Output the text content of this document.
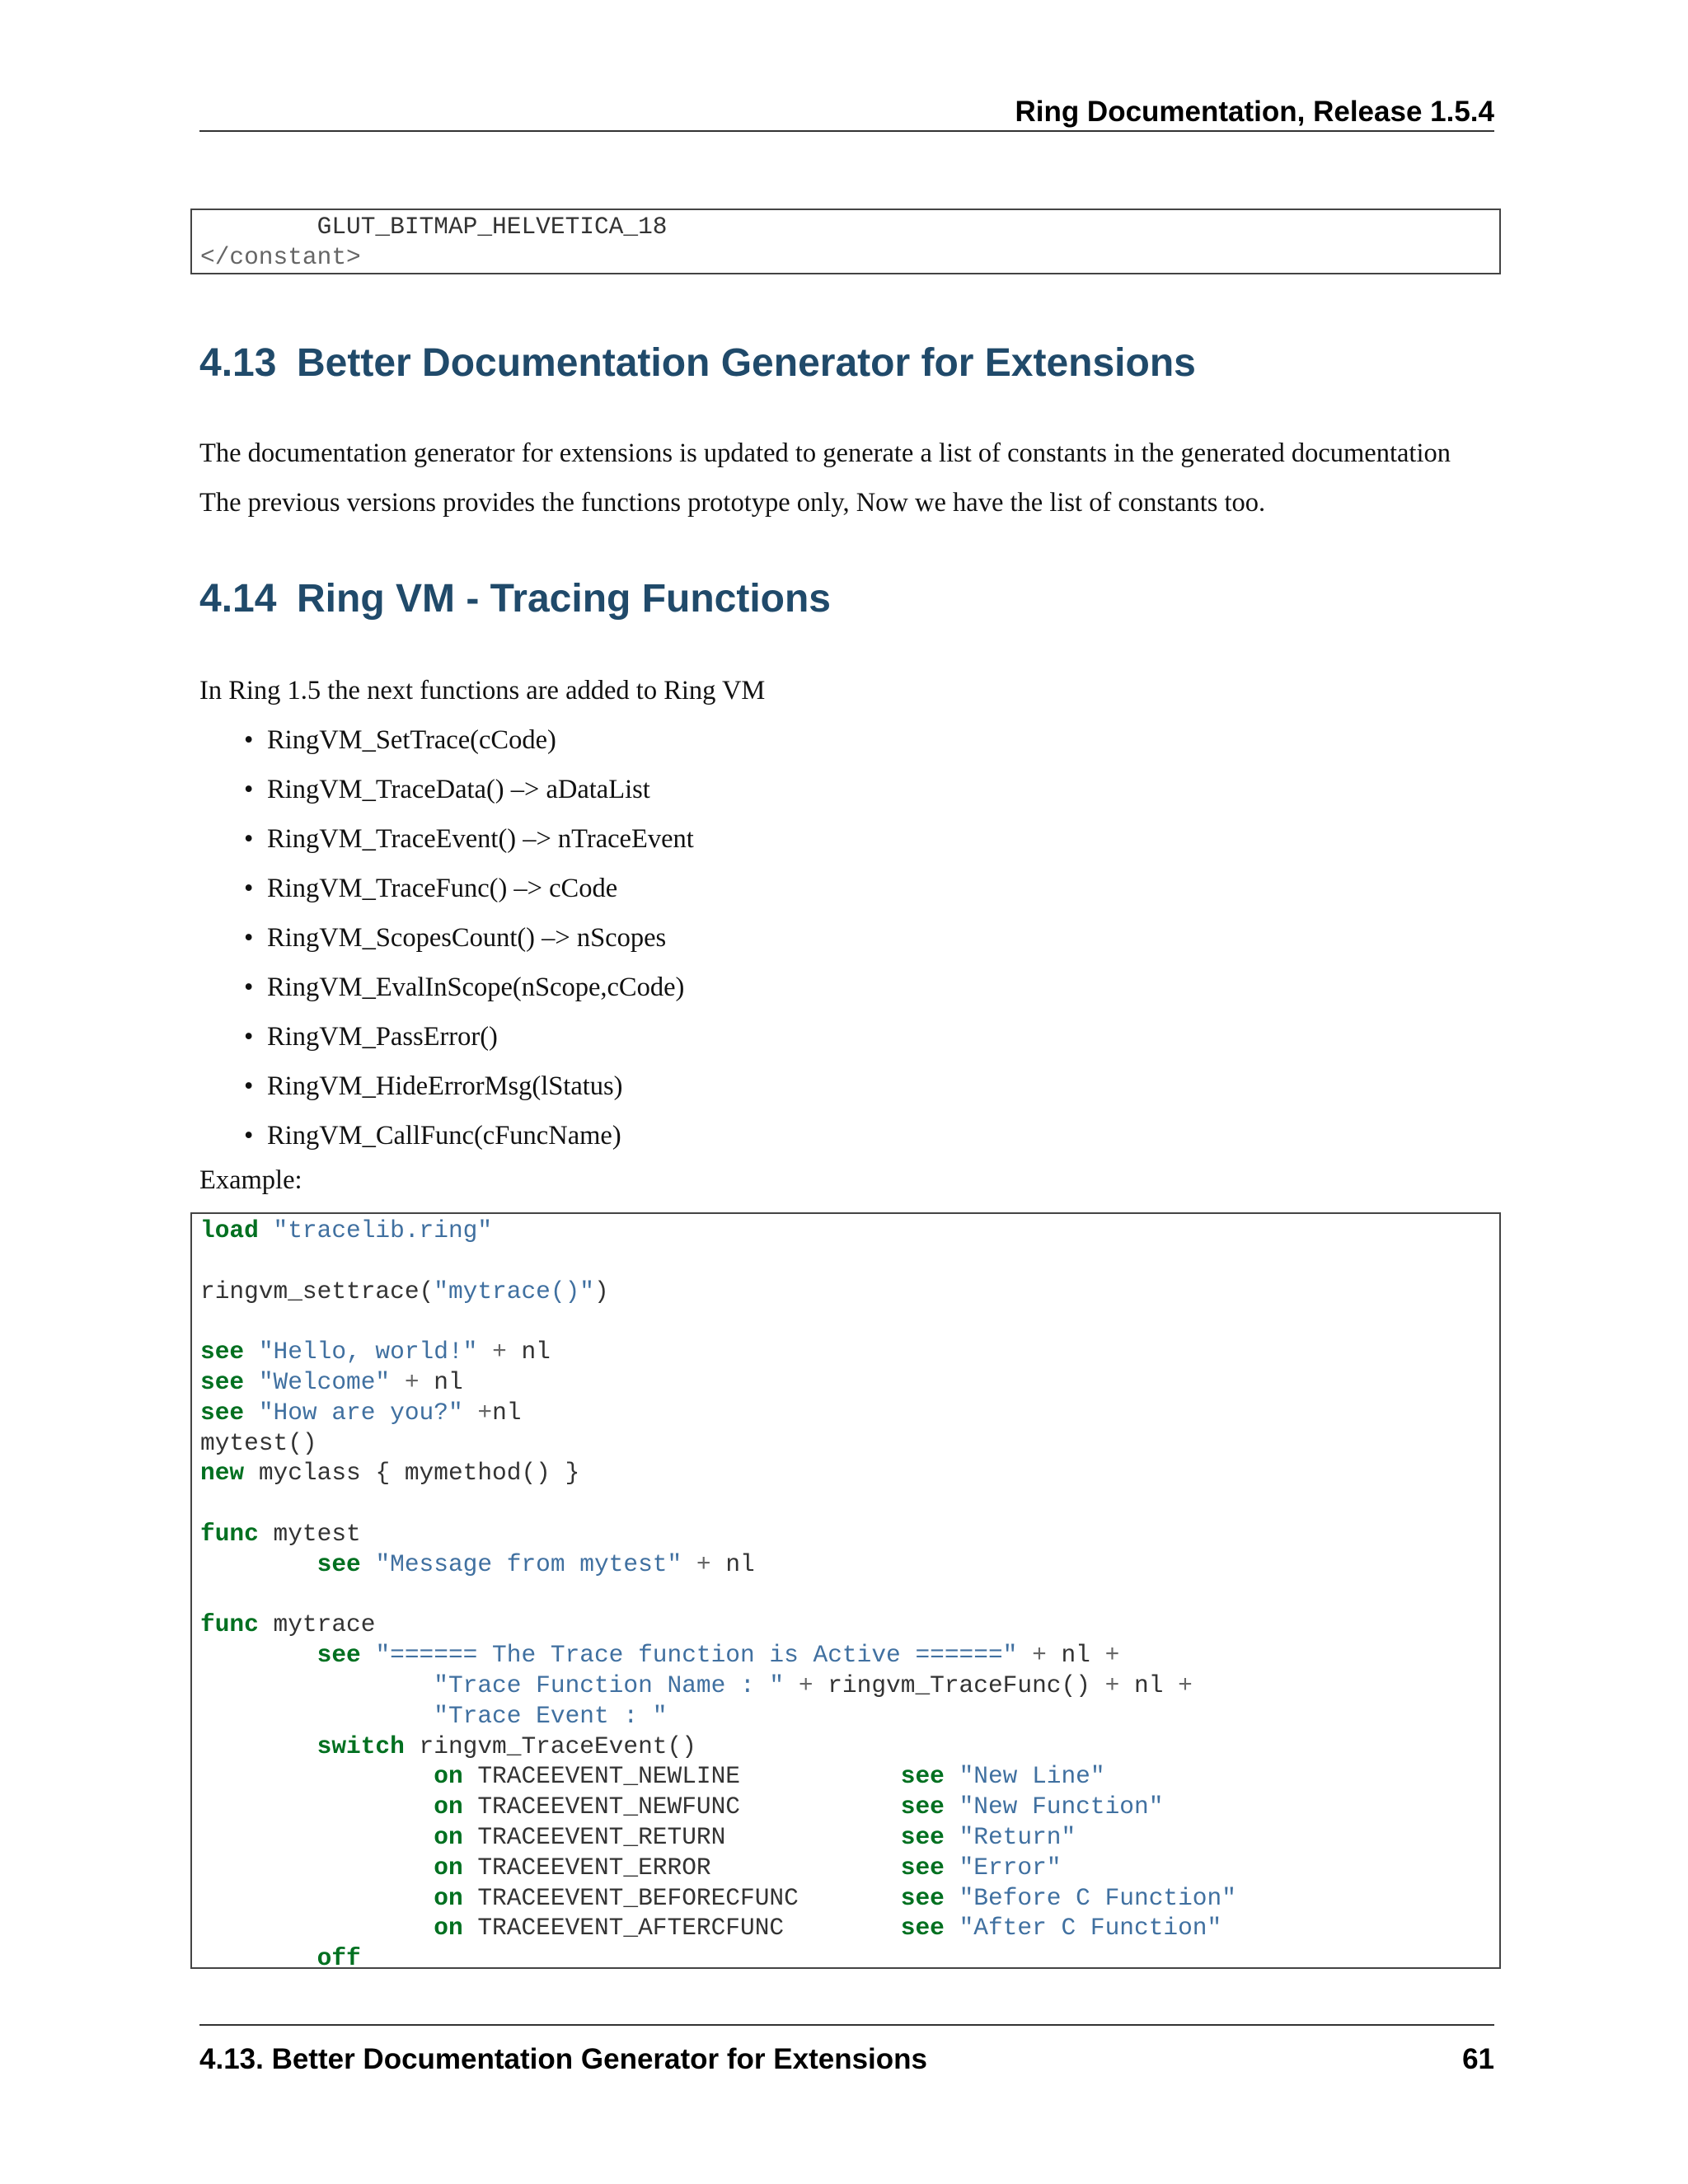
Ring Documentation, Release 1.5.4
GLUT_BITMAP_HELVETICA_18
</constant>
4.13 Better Documentation Generator for Extensions
The documentation generator for extensions is updated to generate a list of constants in the generated documentation
The previous versions provides the functions prototype only, Now we have the list of constants too.
4.14 Ring VM - Tracing Functions
In Ring 1.5 the next functions are added to Ring VM
• RingVM_SetTrace(cCode)
• RingVM_TraceData() –> aDataList
• RingVM_TraceEvent() –> nTraceEvent
• RingVM_TraceFunc() –> cCode
• RingVM_ScopesCount() –> nScopes
• RingVM_EvalInScope(nScope,cCode)
• RingVM_PassError()
• RingVM_HideErrorMsg(lStatus)
• RingVM_CallFunc(cFuncName)
Example:
load "tracelib.ring"

ringvm_settrace("mytrace()")

see "Hello, world!" + nl
see "Welcome" + nl
see "How are you?" +nl
mytest()
new myclass { mymethod() }

func mytest
see "Message from mytest" + nl

func mytrace
see "====== The Trace function is Active ======" + nl +
"Trace Function Name : " + ringvm_TraceFunc() + nl +
"Trace Event : "
switch ringvm_TraceEvent()
on TRACEEVENT_NEWLINE	see "New Line"
on TRACEEVENT_NEWFUNC	see "New Function"
on TRACEEVENT_RETURN	see "Return"
on TRACEEVENT_ERROR	see "Error"
on TRACEEVENT_BEFORECFUNC	see "Before C Function"
on TRACEEVENT_AFTERCFUNC	see "After C Function"
off
4.13. Better Documentation Generator for Extensions	61
